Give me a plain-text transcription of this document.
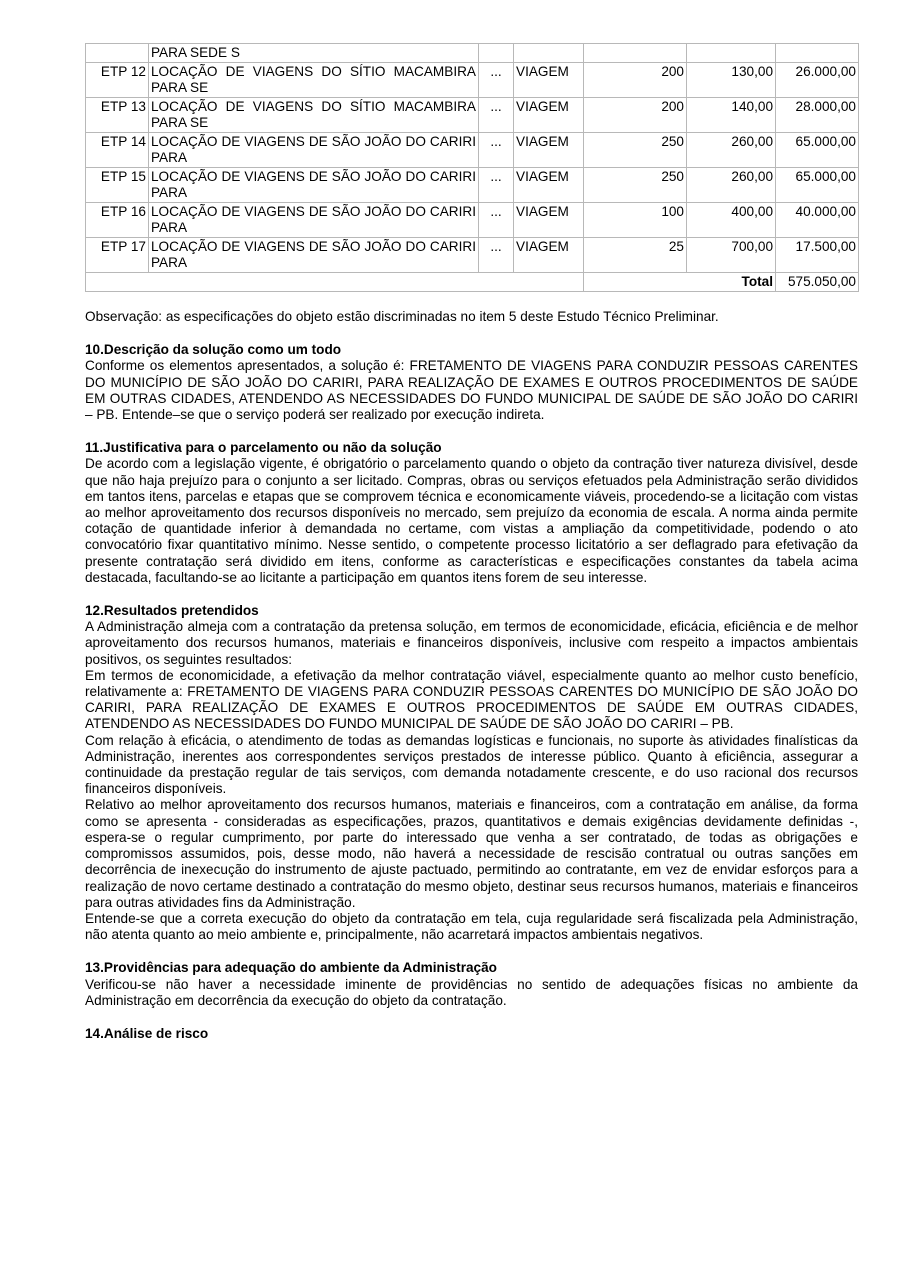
	PARA SEDE S					
ETP 12	LOCAÇÃO DE VIAGENS DO SÍTIO MACAMBIRA PARA SE	...	VIAGEM	200	130,00	26.000,00
ETP 13	LOCAÇÃO DE VIAGENS DO SÍTIO MACAMBIRA PARA SE	...	VIAGEM	200	140,00	28.000,00
ETP 14	LOCAÇÃO DE VIAGENS DE SÃO JOÃO DO CARIRI PARA	...	VIAGEM	250	260,00	65.000,00
ETP 15	LOCAÇÃO DE VIAGENS DE SÃO JOÃO DO CARIRI PARA	...	VIAGEM	250	260,00	65.000,00
ETP 16	LOCAÇÃO DE VIAGENS DE SÃO JOÃO DO CARIRI PARA	...	VIAGEM	100	400,00	40.000,00
ETP 17	LOCAÇÃO DE VIAGENS DE SÃO JOÃO DO CARIRI PARA	...	VIAGEM	25	700,00	17.500,00
				Total		575.050,00
Observação: as especificações do objeto estão discriminadas no item 5 deste Estudo Técnico Preliminar.
10.Descrição da solução como um todo

Conforme os elementos apresentados, a solução é: FRETAMENTO DE VIAGENS PARA CONDUZIR PESSOAS CARENTES DO MUNICÍPIO DE SÃO JOÃO DO CARIRI, PARA REALIZAÇÃO DE EXAMES E OUTROS PROCEDIMENTOS DE SAÚDE EM OUTRAS CIDADES, ATENDENDO AS NECESSIDADES DO FUNDO MUNICIPAL DE SAÚDE DE SÃO JOÃO DO CARIRI – PB. Entende–se que o serviço poderá ser realizado por execução indireta.

11.Justificativa para o parcelamento ou não da solução

De acordo com a legislação vigente, é obrigatório o parcelamento quando o objeto da contração tiver natureza divisível, desde que não haja prejuízo para o conjunto a ser licitado. Compras, obras ou serviços efetuados pela Administração serão divididos em tantos itens, parcelas e etapas que se comprovem técnica e economicamente viáveis, procedendo-se a licitação com vistas ao melhor aproveitamento dos recursos disponíveis no mercado, sem prejuízo da economia de escala. A norma ainda permite cotação de quantidade inferior à demandada no certame, com vistas a ampliação da competitividade, podendo o ato convocatório fixar quantitativo mínimo. Nesse sentido, o competente processo licitatório a ser deflagrado para efetivação da presente contratação será dividido em itens, conforme as características e especificações constantes da tabela acima destacada, facultando-se ao licitante a participação em quantos itens forem de seu interesse.

12.Resultados pretendidos

A Administração almeja com a contratação da pretensa solução, em termos de economicidade, eficácia, eficiência e de melhor aproveitamento dos recursos humanos, materiais e financeiros disponíveis, inclusive com respeito a impactos ambientais positivos, os seguintes resultados:

Em termos de economicidade, a efetivação da melhor contratação viável, especialmente quanto ao melhor custo benefício, relativamente a: FRETAMENTO DE VIAGENS PARA CONDUZIR PESSOAS CARENTES DO MUNICÍPIO DE SÃO JOÃO DO CARIRI, PARA REALIZAÇÃO DE EXAMES E OUTROS PROCEDIMENTOS DE SAÚDE EM OUTRAS CIDADES, ATENDENDO AS NECESSIDADES DO FUNDO MUNICIPAL DE SAÚDE DE SÃO JOÃO DO CARIRI – PB.

Com relação à eficácia, o atendimento de todas as demandas logísticas e funcionais, no suporte às atividades finalísticas da Administração, inerentes aos correspondentes serviços prestados de interesse público. Quanto à eficiência, assegurar a continuidade da prestação regular de tais serviços, com demanda notadamente crescente, e do uso racional dos recursos financeiros disponíveis.

Relativo ao melhor aproveitamento dos recursos humanos, materiais e financeiros, com a contratação em análise, da forma como se apresenta - consideradas as especificações, prazos, quantitativos e demais exigências devidamente definidas -, espera-se o regular cumprimento, por parte do interessado que venha a ser contratado, de todas as obrigações e compromissos assumidos, pois, desse modo, não haverá a necessidade de rescisão contratual ou outras sanções em decorrência de inexecução do instrumento de ajuste pactuado, permitindo ao contratante, em vez de envidar esforços para a realização de novo certame destinado a contratação do mesmo objeto, destinar seus recursos humanos, materiais e financeiros para outras atividades fins da Administração.

Entende-se que a correta execução do objeto da contratação em tela, cuja regularidade será fiscalizada pela Administração, não atenta quanto ao meio ambiente e, principalmente, não acarretará impactos ambientais negativos.

13.Providências para adequação do ambiente da Administração

Verificou-se não haver a necessidade iminente de providências no sentido de adequações físicas no ambiente da Administração em decorrência da execução do objeto da contratação.

14.Análise de risco
